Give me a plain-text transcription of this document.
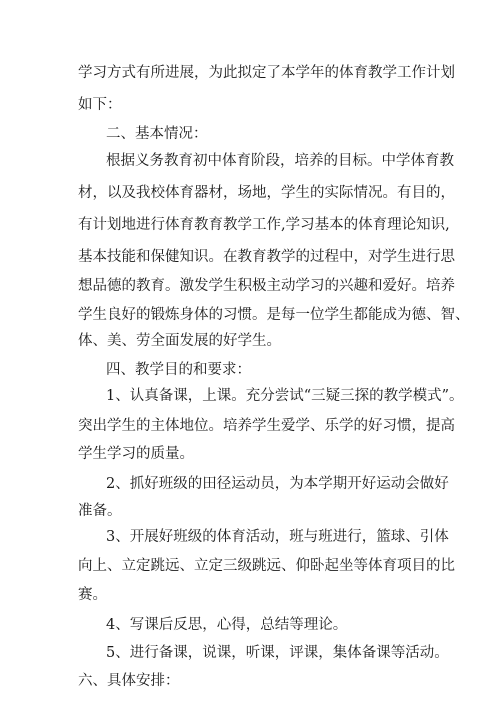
学习方式有所进展，为此拟定了本学年的体育教学工作计划
如下：
二、基本情况：
根据义务教育初中体育阶段，培养的目标。中学体育教
材，以及我校体育器材，场地，学生的实际情况。有目的，
有计划地进行体育教育教学工作,学习基本的体育理论知识,
基本技能和保健知识。在教育教学的过程中，对学生进行思
想品德的教育。激发学生积极主动学习的兴趣和爱好。培养
学生良好的锻炼身体的习惯。是每一位学生都能成为德、智、
体、美、劳全面发展的好学生。
四、教学目的和要求：
1、认真备课，上课。充分尝试“三疑三探的教学模式”。
突出学生的主体地位。培养学生爱学、乐学的好习惯，提高
学生学习的质量。
2、抓好班级的田径运动员，为本学期开好运动会做好
准备。
3、开展好班级的体育活动，班与班进行，篮球、引体
向上、立定跳远、立定三级跳远、仰卧起坐等体育项目的比
赛。
4、写课后反思，心得，总结等理论。
5、进行备课，说课，听课，评课，集体备课等活动。
六、具体安排：
